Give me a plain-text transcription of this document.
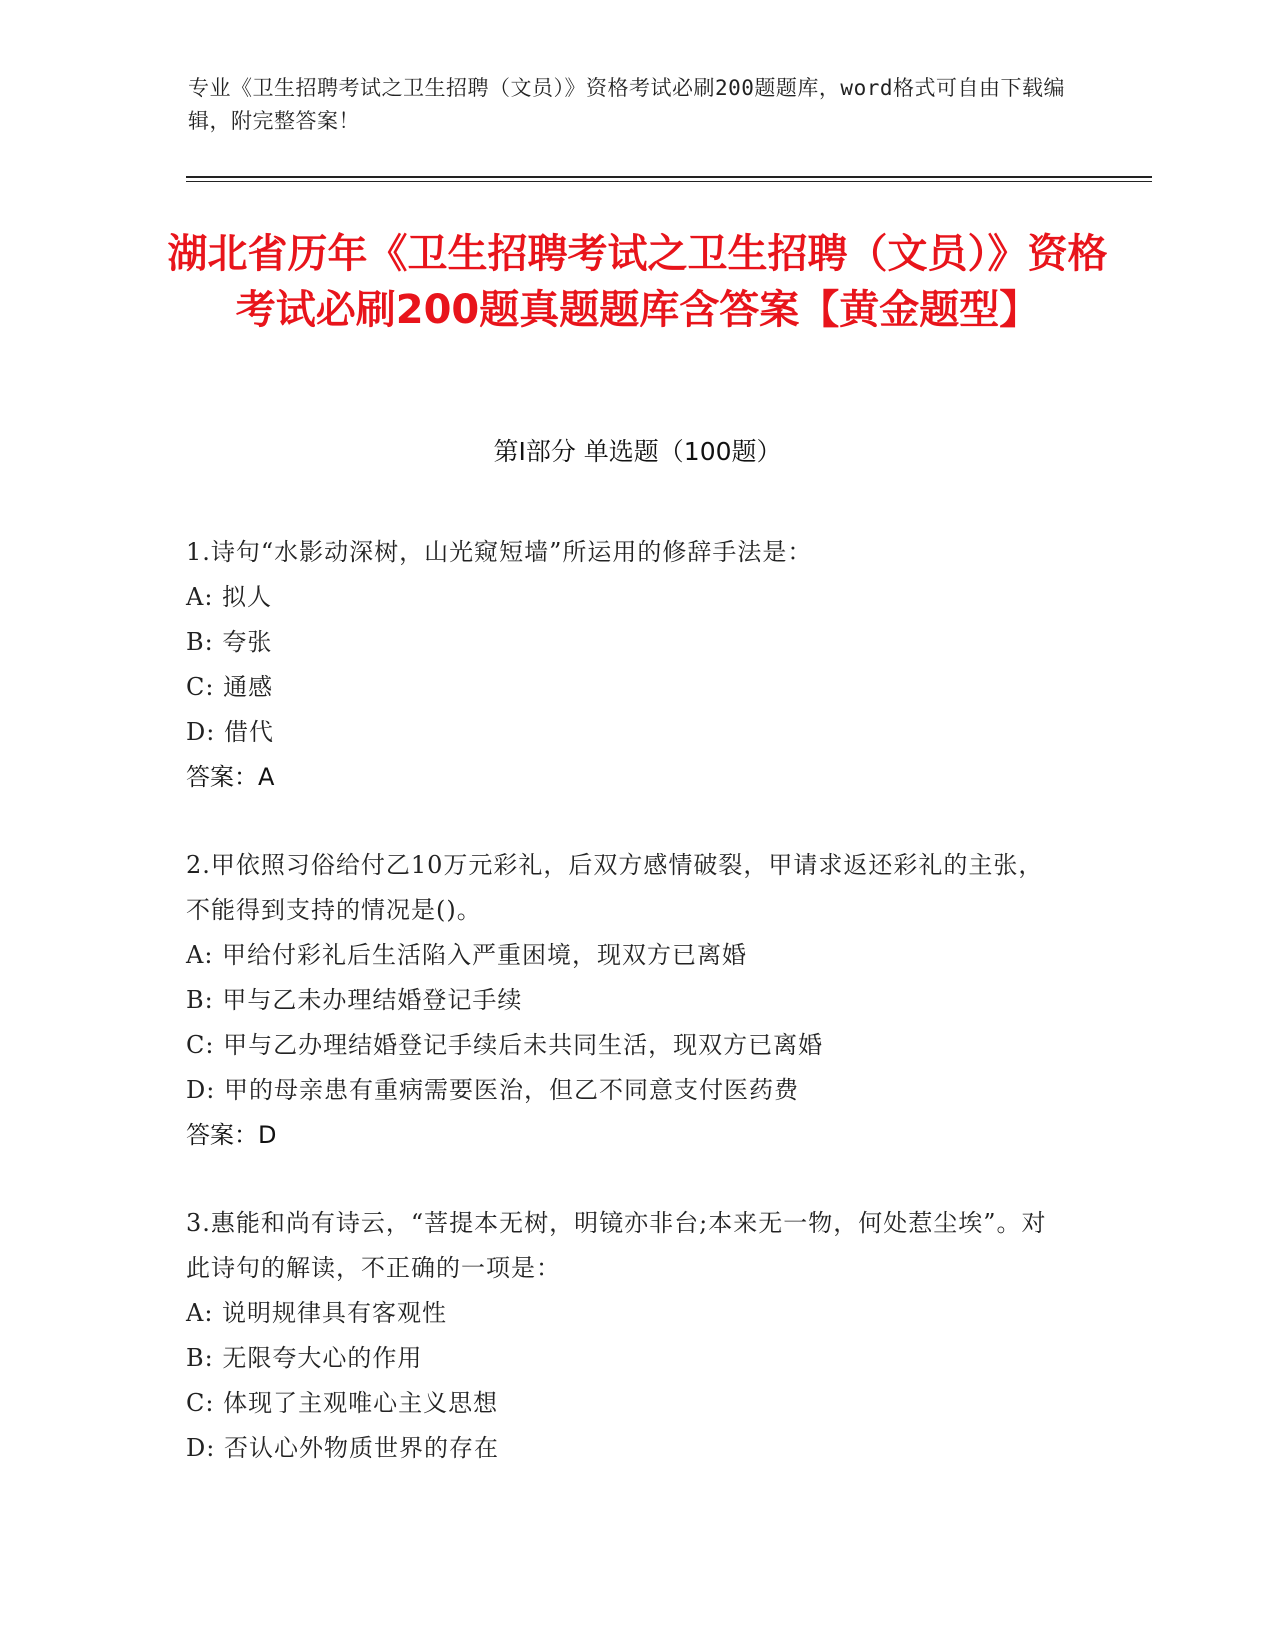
专业《卫生招聘考试之卫生招聘（文员）》资格考试必刷200题题库，word格式可自由下载编辑，附完整答案！
湖北省历年《卫生招聘考试之卫生招聘（文员）》资格考试必刷200题真题题库含答案【黄金题型】
第Ⅰ部分 单选题（100题）
1.诗句“水影动深树，山光窥短墙”所运用的修辞手法是：
A: 拟人
B: 夸张
C: 通感
D: 借代
答案：A
2.甲依照习俗给付乙10万元彩礼，后双方感情破裂，甲请求返还彩礼的主张，不能得到支持的情况是()。
A: 甲给付彩礼后生活陷入严重困境，现双方已离婚
B: 甲与乙未办理结婚登记手续
C: 甲与乙办理结婚登记手续后未共同生活，现双方已离婚
D: 甲的母亲患有重病需要医治，但乙不同意支付医药费
答案：D
3.惠能和尚有诗云，“菩提本无树，明镜亦非台;本来无一物，何处惹尘埃”。对此诗句的解读，不正确的一项是：
A: 说明规律具有客观性
B: 无限夸大心的作用
C: 体现了主观唯心主义思想
D: 否认心外物质世界的存在
